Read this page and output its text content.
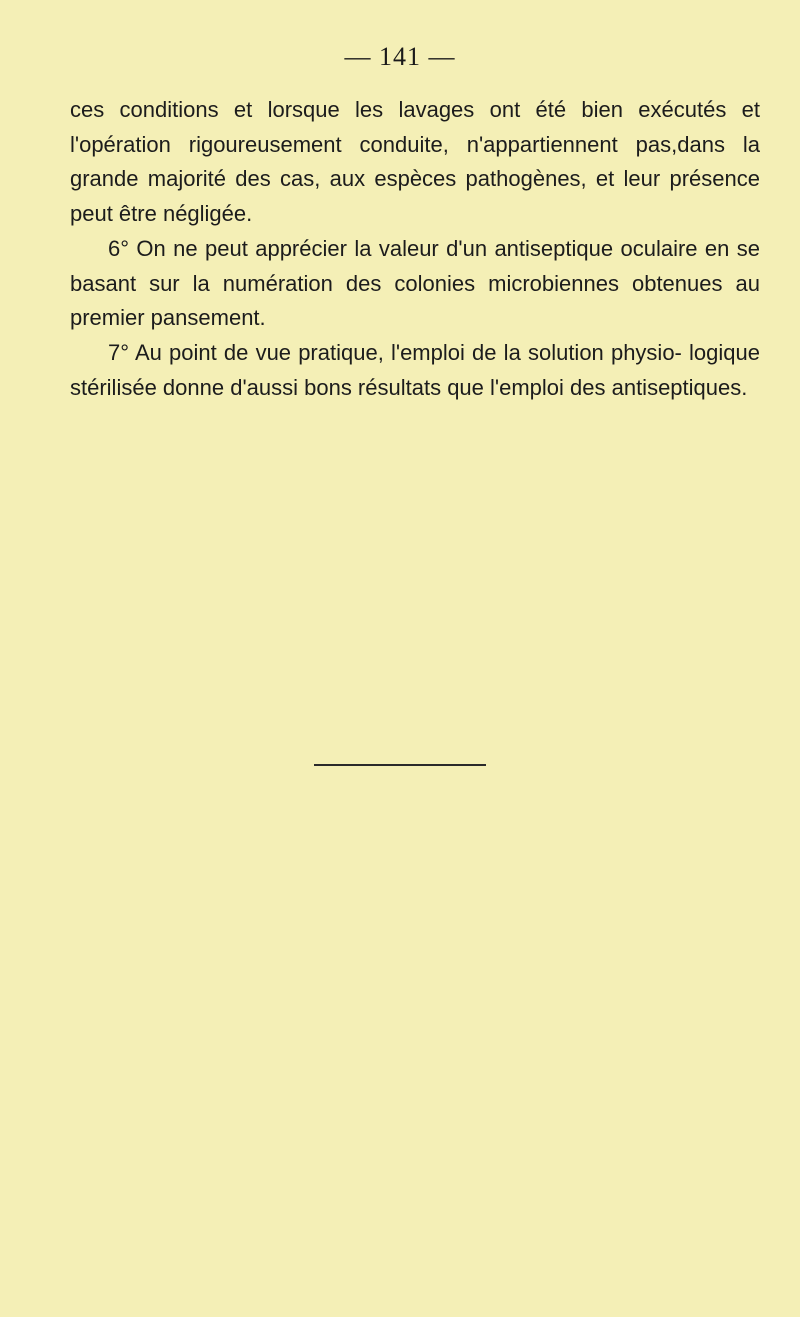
— 141 —

ces conditions et lorsque les lavages ont été bien exécutés et l'opération rigoureusement conduite, n'appartiennent pas,dans la grande majorité des cas, aux espèces pathogènes, et leur présence peut être négligée.

6° On ne peut apprécier la valeur d'un antiseptique oculaire en se basant sur la numération des colonies microbiennes obtenues au premier pansement.

7° Au point de vue pratique, l'emploi de la solution physio- logique stérilisée donne d'aussi bons résultats que l'emploi des antiseptiques.
